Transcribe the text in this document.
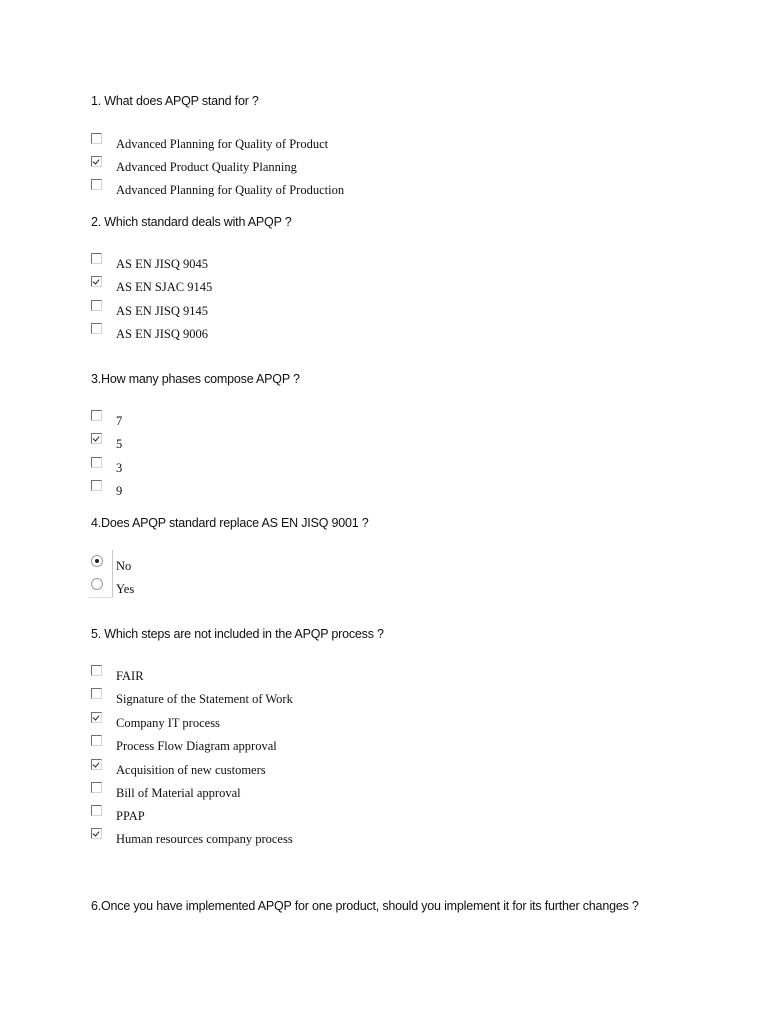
1. What does APQP stand for ?
Advanced Planning for Quality of Product
Advanced Product Quality Planning
Advanced Planning for Quality of Production
2. Which standard deals with APQP ?
AS EN JISQ 9045
AS EN SJAC 9145
AS EN JISQ 9145
AS EN JISQ 9006
3.How many phases compose APQP ?
7
5
3
9
4.Does APQP standard replace AS EN JISQ 9001 ?
No
Yes
5. Which steps are not included in the APQP process ?
FAIR
Signature of the Statement of Work
Company IT process
Process Flow Diagram approval
Acquisition of new customers
Bill of Material approval
PPAP
Human resources company process
6.Once you have implemented APQP for one product, should you implement it for its further changes ?
